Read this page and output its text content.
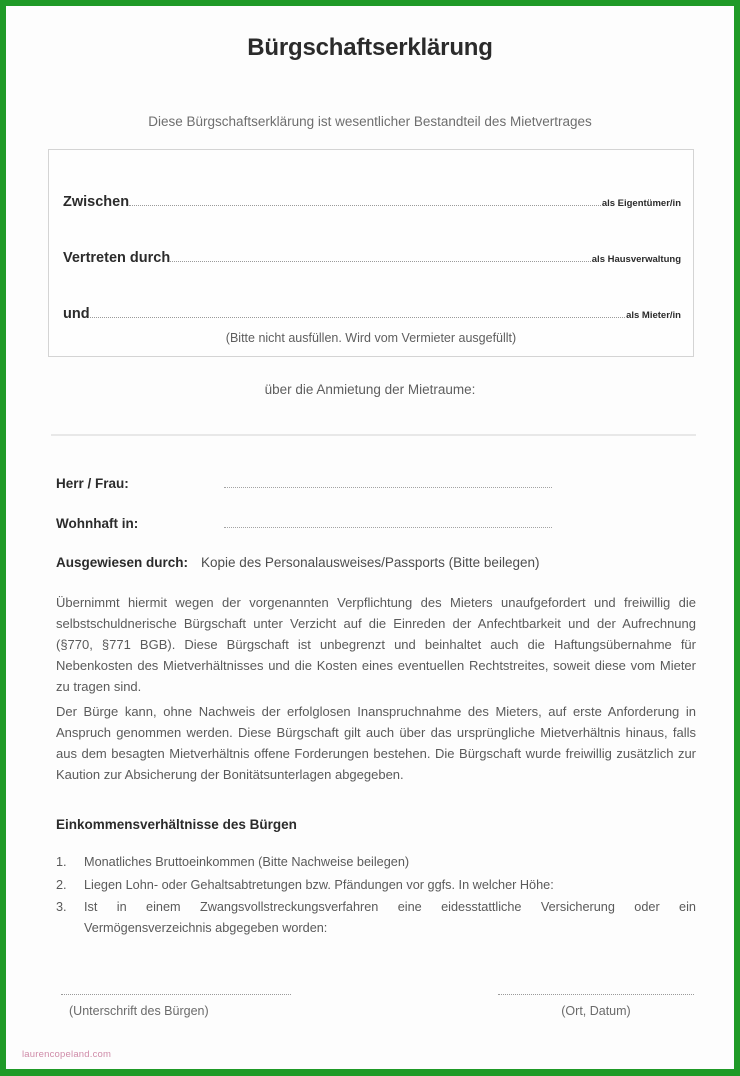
Bürgschaftserklärung
Diese Bürgschaftserklärung ist wesentlicher Bestandteil des Mietvertrages
Zwischen	als Eigentümer/in
Vertreten durch	als Hausverwaltung
und	als Mieter/in
(Bitte nicht ausfüllen. Wird vom Vermieter ausgefüllt)
über die Anmietung der Mietraume:
Herr / Frau:
Wohnhaft in:
Ausgewiesen durch: Kopie des Personalausweises/Passports (Bitte beilegen)
Übernimmt hiermit wegen der vorgenannten Verpflichtung des Mieters unaufgefordert und freiwillig die selbstschuldnerische Bürgschaft unter Verzicht auf die Einreden der Anfechtbarkeit und der Aufrechnung (§770, §771 BGB). Diese Bürgschaft ist unbegrenzt und beinhaltet auch die Haftungsübernahme für Nebenkosten des Mietverhältnisses und die Kosten eines eventuellen Rechtstreites, soweit diese vom Mieter zu tragen sind.
Der Bürge kann, ohne Nachweis der erfolglosen Inanspruchnahme des Mieters, auf erste Anforderung in Anspruch genommen werden. Diese Bürgschaft gilt auch über das ursprüngliche Mietverhältnis hinaus, falls aus dem besagten Mietverhältnis offene Forderungen bestehen. Die Bürgschaft wurde freiwillig zusätzlich zur Kaution zur Absicherung der Bonitätsunterlagen abgegeben.
Einkommensverhältnisse des Bürgen
1.	Monatliches Bruttoeinkommen (Bitte Nachweise beilegen)
2.	Liegen Lohn- oder Gehaltsabtretungen bzw. Pfändungen vor ggfs. In welcher Höhe:
3.	Ist in einem Zwangsvollstreckungsverfahren eine eidesstattliche Versicherung oder ein Vermögensverzeichnis abgegeben worden:
(Unterschrift des Bürgen)	(Ort, Datum)
laurencopeland.com
